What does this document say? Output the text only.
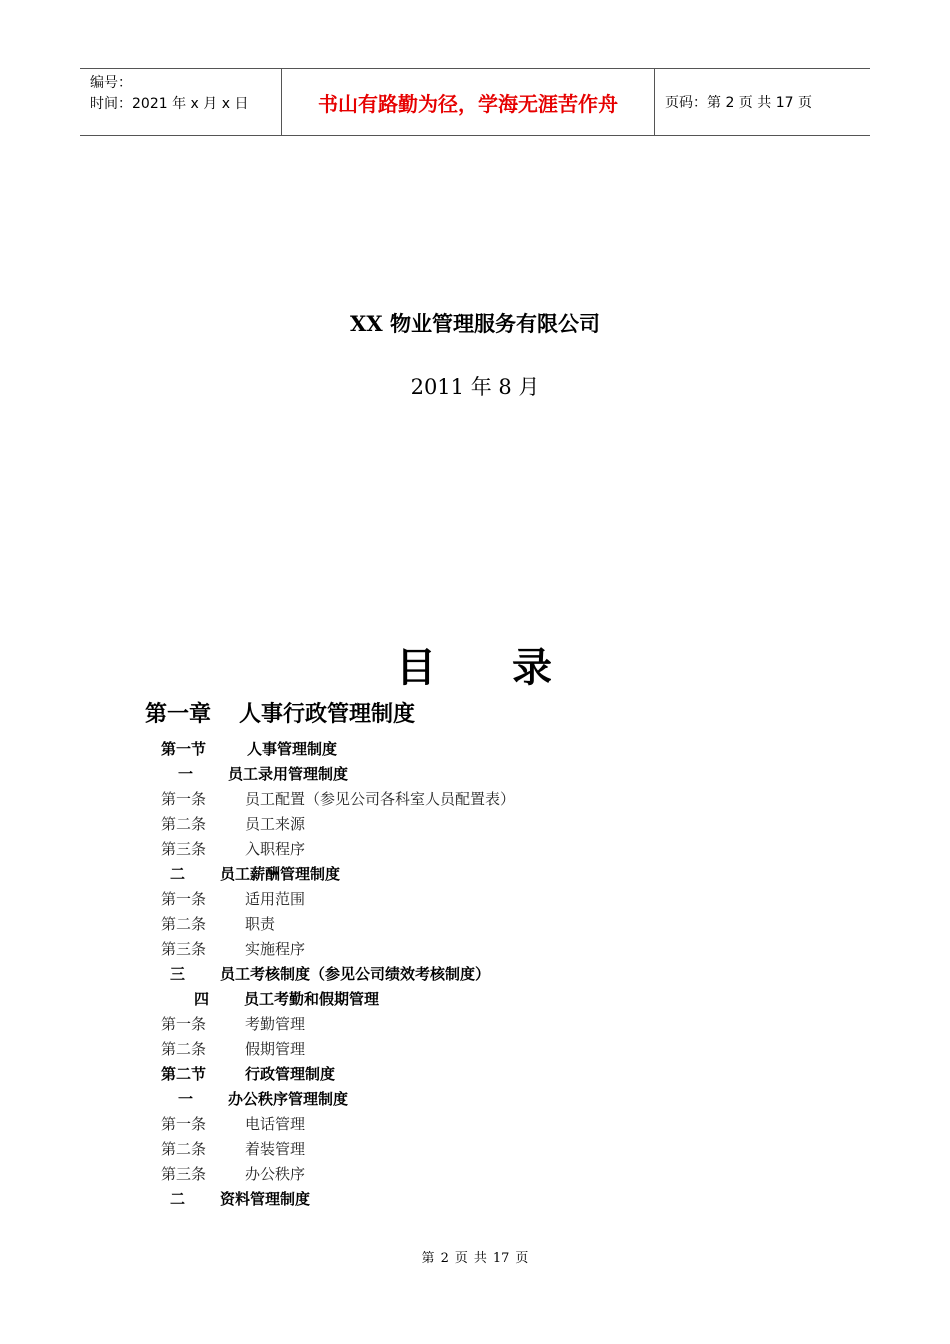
编号：
时间：2021 年 x 月 x 日	书山有路勤为径，学海无涯苦作舟	页码：第 2 页 共 17 页
XX 物业管理服务有限公司
2011 年 8 月
目录
第一章 人事行政管理制度
第一节	人事管理制度
一 员工录用管理制度
第一条	员工配置（参见公司各科室人员配置表）
第二条	员工来源
第三条	入职程序
二 员工薪酬管理制度
第一条	适用范围
第二条	职责
第三条	实施程序
三 员工考核制度（参见公司绩效考核制度）
四 员工考勤和假期管理
第一条	考勤管理
第二条	假期管理
第二节	行政管理制度
一 办公秩序管理制度
第一条	电话管理
第二条	着装管理
第三条	办公秩序
二 资料管理制度
第 2 页 共 17 页
